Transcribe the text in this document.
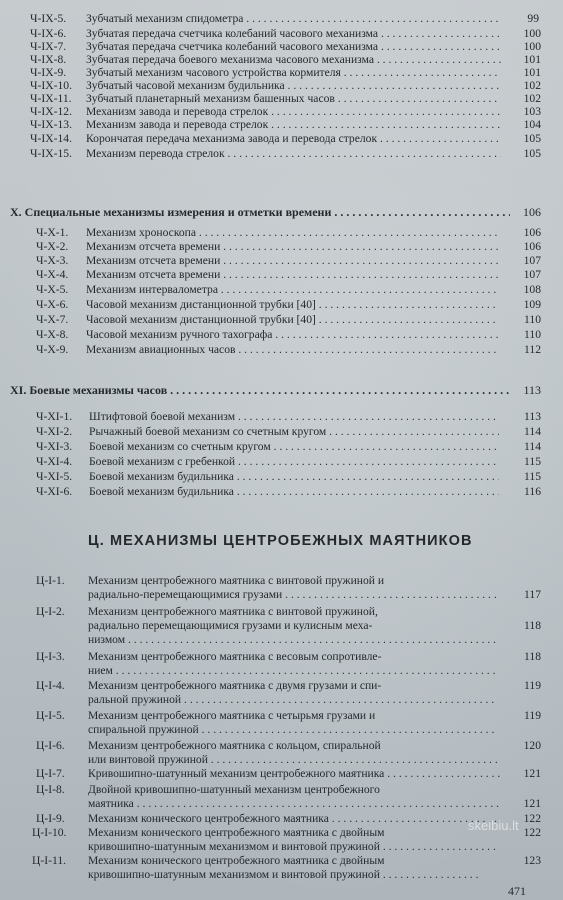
Ч-IX-5. Зубчатый механизм спидометра . . .	99
Ч-IX-6. Зубчатая передача счетчика колебаний часового механизма . . .	100
Ч-IX-7. Зубчатая передача счетчика колебаний часового механизма . . .	100
Ч-IX-8. Зубчатая передача боевого механизма часового механизма . . .	101
Ч-IX-9. Зубчатый механизм часового устройства кормителя . . .	101
Ч-IX-10. Зубчатый часовой механизм будильника . . .	102
Ч-IX-11. Зубчатый планетарный механизм башенных часов . . .	102
Ч-IX-12. Механизм завода и перевода стрелок . . .	103
Ч-IX-13. Механизм завода и перевода стрелок . . .	104
Ч-IX-14. Корончатая передача механизма завода и перевода стрелок . . .	105
Ч-IX-15. Механизм перевода стрелок . . .	105
X. Специальные механизмы измерения и отметки времени . . .	106
Ч-X-1. Механизм хроноскопа . . .	106
Ч-X-2. Механизм отсчета времени . . .	106
Ч-X-3. Механизм отсчета времени . . .	107
Ч-X-4. Механизм отсчета времени . . .	107
Ч-X-5. Механизм интервалометра . . .	108
Ч-X-6. Часовой механизм дистанционной трубки [40] . . .	109
Ч-X-7. Часовой механизм дистанционной трубки [40] . . .	110
Ч-X-8. Часовой механизм ручного тахографа . . .	110
Ч-X-9. Механизм авиационных часов . . .	112
XI. Боевые механизмы часов . . .	113
Ч-XI-1. Штифтовой боевой механизм . . .	113
Ч-XI-2. Рычажный боевой механизм со счетным кругом . . .	114
Ч-XI-3. Боевой механизм со счетным кругом . . .	114
Ч-XI-4. Боевой механизм с гребенкой . . .	115
Ч-XI-5. Боевой механизм будильника . . .	115
Ч-XI-6. Боевой механизм будильника . . .	116
Ц. МЕХАНИЗМЫ ЦЕНТРОБЕЖНЫХ МАЯТНИКОВ
Ц-I-1. Механизм центробежного маятника с винтовой пружиной и
радиально-перемещающимися грузами . . .	117
Ц-I-2. Механизм центробежного маятника с винтовой пружиной,
радиально перемещающимися грузами и кулисным меха-	118
низмом . . .
Ц-I-3. Механизм центробежного маятника с весовым сопротивле-	118
нием . . .
Ц-I-4. Механизм центробежного маятника с двумя грузами и спи-	119
ральной пружиной . . .
Ц-I-5. Механизм центробежного маятника с четырьмя грузами и	119
спиральной пружиной . . .
Ц-I-6. Механизм центробежного маятника с кольцом, спиральной	120
или винтовой пружиной . . .
Ц-I-7. Кривошипно-шатунный механизм центробежного маятника . . .	121
Ц-I-8. Двойной кривошипно-шатунный механизм центробежного
маятника . . .	121
Ц-I-9. Механизм конического центробежного маятника . . .	122
Ц-I-10. Механизм конического центробежного маятника с двойным	122
кривошипно-шатунным механизмом и винтовой пружиной . . .
Ц-I-11. Механизм конического центробежного маятника с двойным	123
кривошипно-шатунным механизмом и винтовой пружиной . . .
skelbiu.lt
471
